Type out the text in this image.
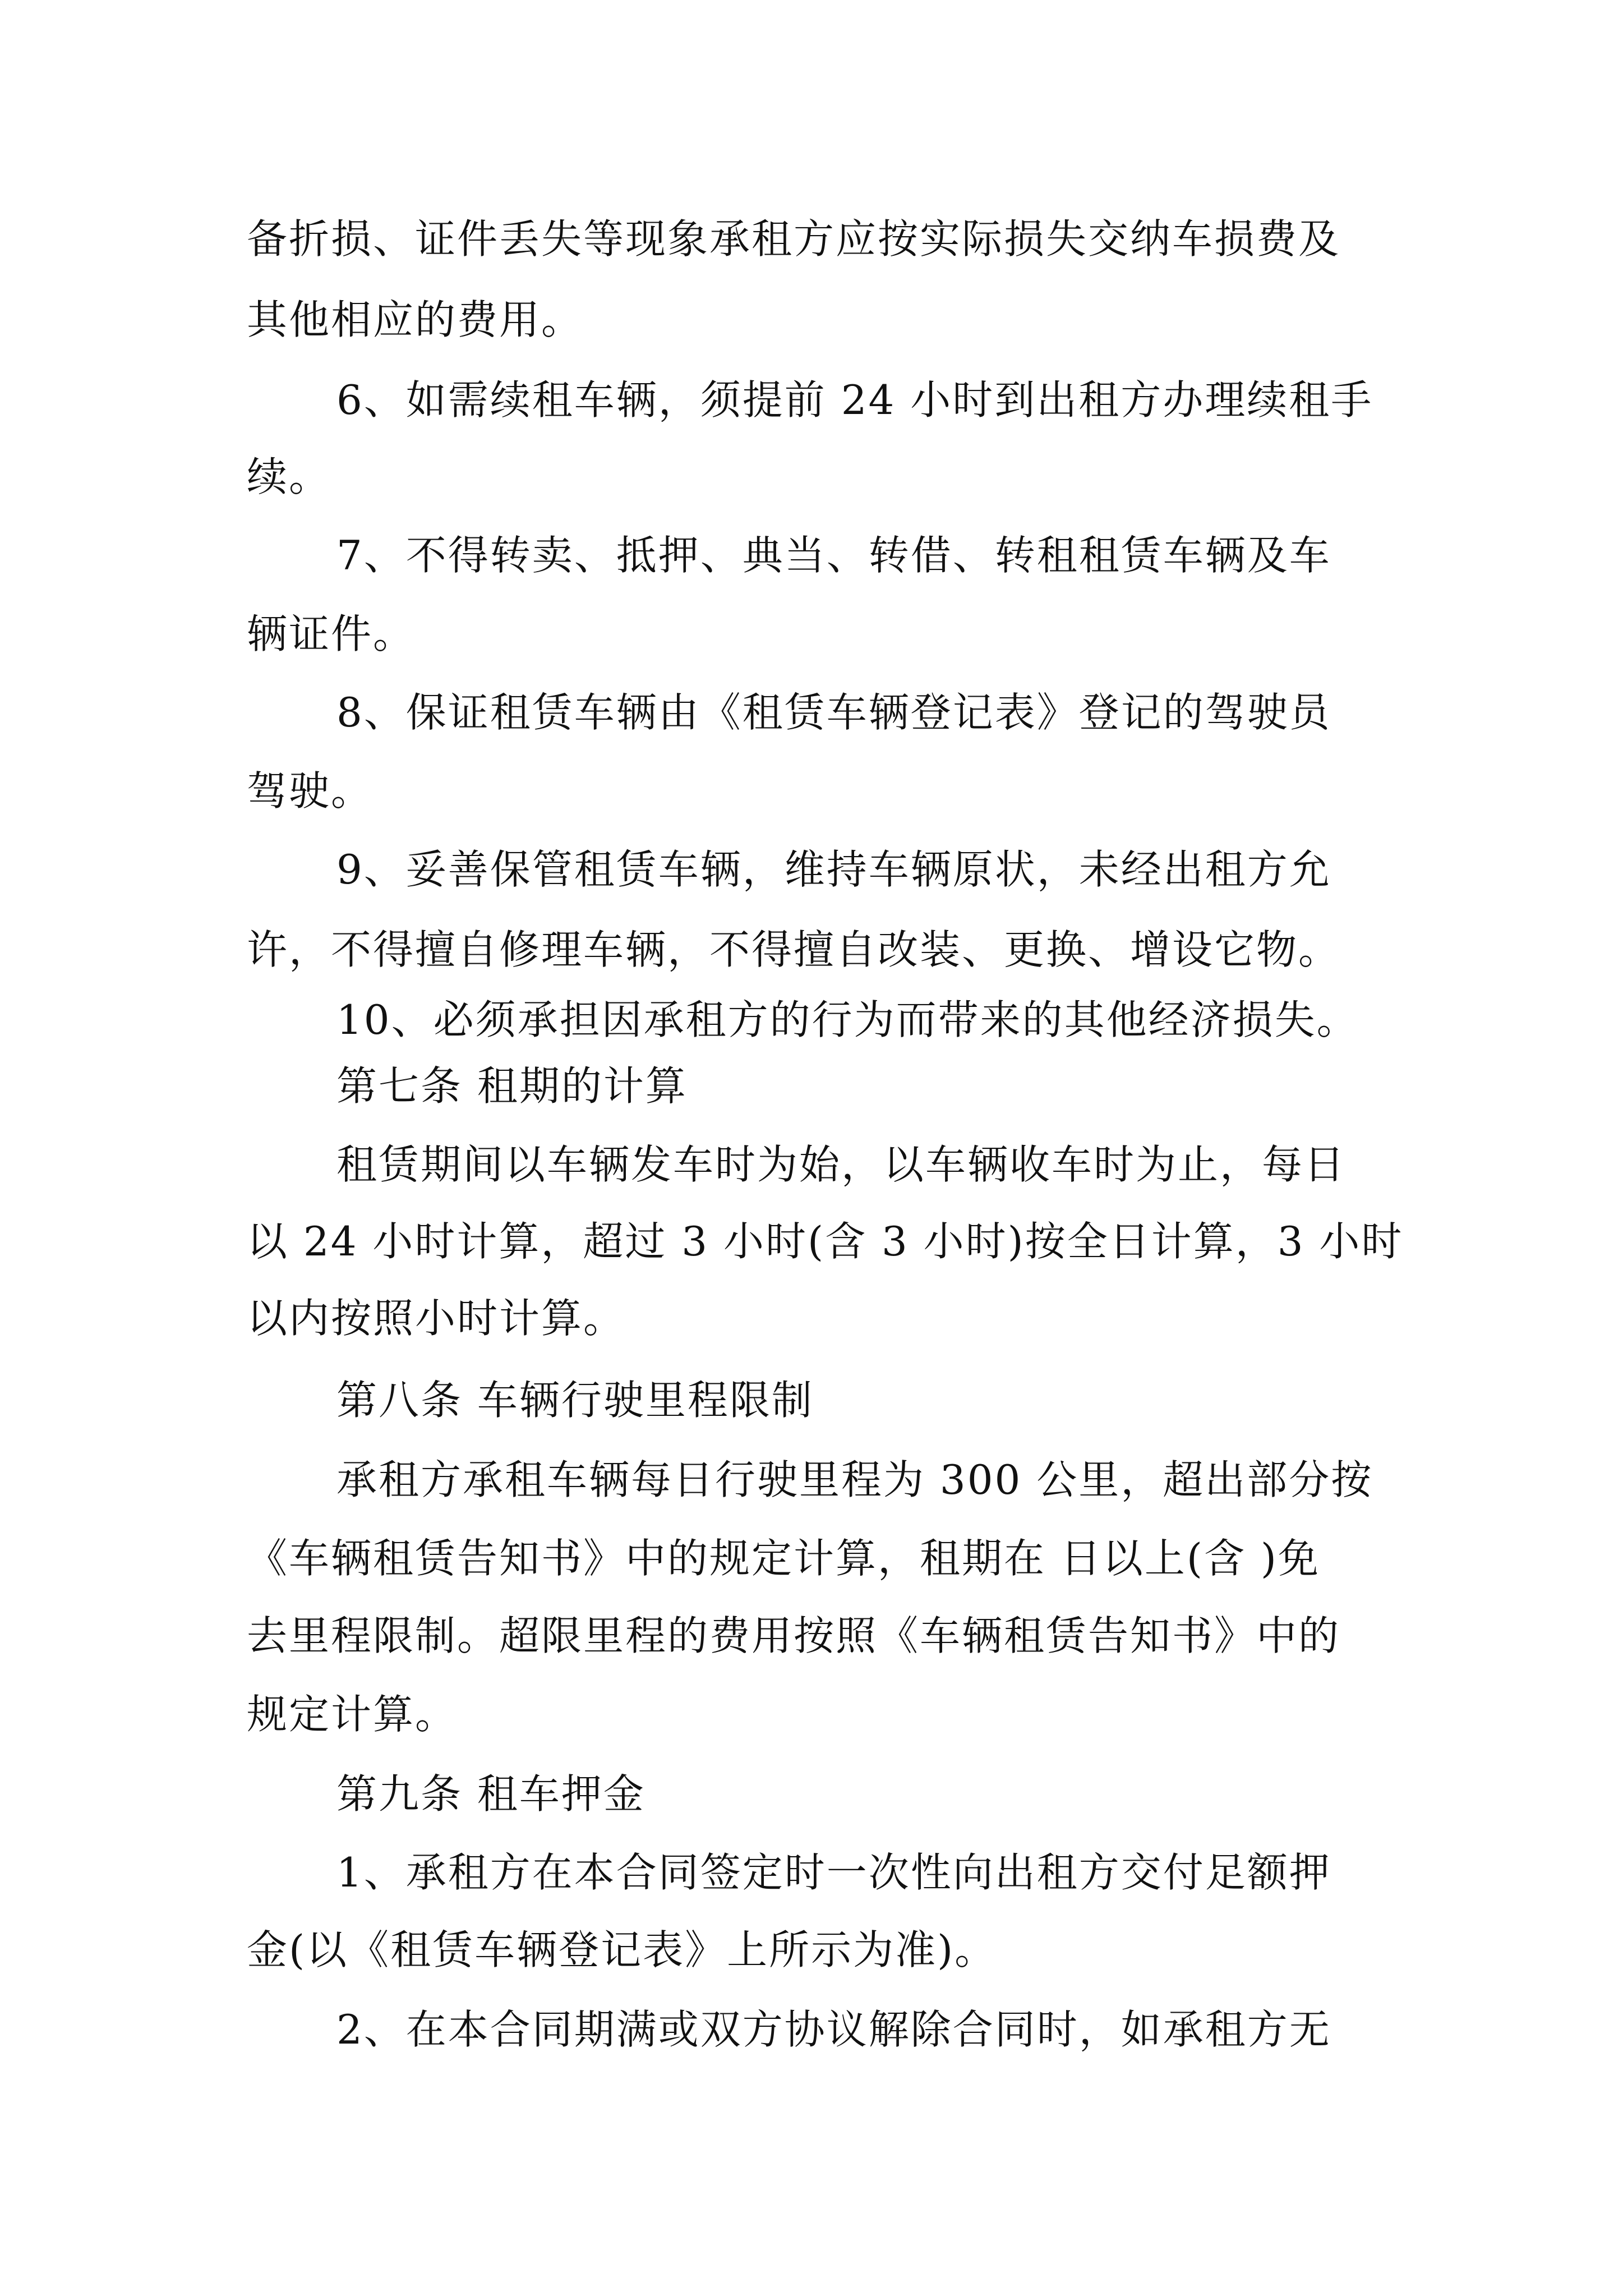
备折损、证件丢失等现象承租方应按实际损失交纳车损费及
其他相应的费用。
6、如需续租车辆，须提前 24 小时到出租方办理续租手
续。
7、不得转卖、抵押、典当、转借、转租租赁车辆及车
辆证件。
8、保证租赁车辆由《租赁车辆登记表》登记的驾驶员
驾驶。
9、妥善保管租赁车辆，维持车辆原状，未经出租方允
许，不得擅自修理车辆，不得擅自改装、更换、增设它物。
10、必须承担因承租方的行为而带来的其他经济损失。
第七条 租期的计算
租赁期间以车辆发车时为始，以车辆收车时为止，每日
以 24 小时计算，超过 3 小时(含 3 小时)按全日计算，3 小时
以内按照小时计算。
第八条 车辆行驶里程限制
承租方承租车辆每日行驶里程为 300 公里，超出部分按
《车辆租赁告知书》中的规定计算，租期在 日以上(含 )免
去里程限制。超限里程的费用按照《车辆租赁告知书》中的
规定计算。
第九条 租车押金
1、承租方在本合同签定时一次性向出租方交付足额押
金(以《租赁车辆登记表》上所示为准)。
2、在本合同期满或双方协议解除合同时，如承租方无
